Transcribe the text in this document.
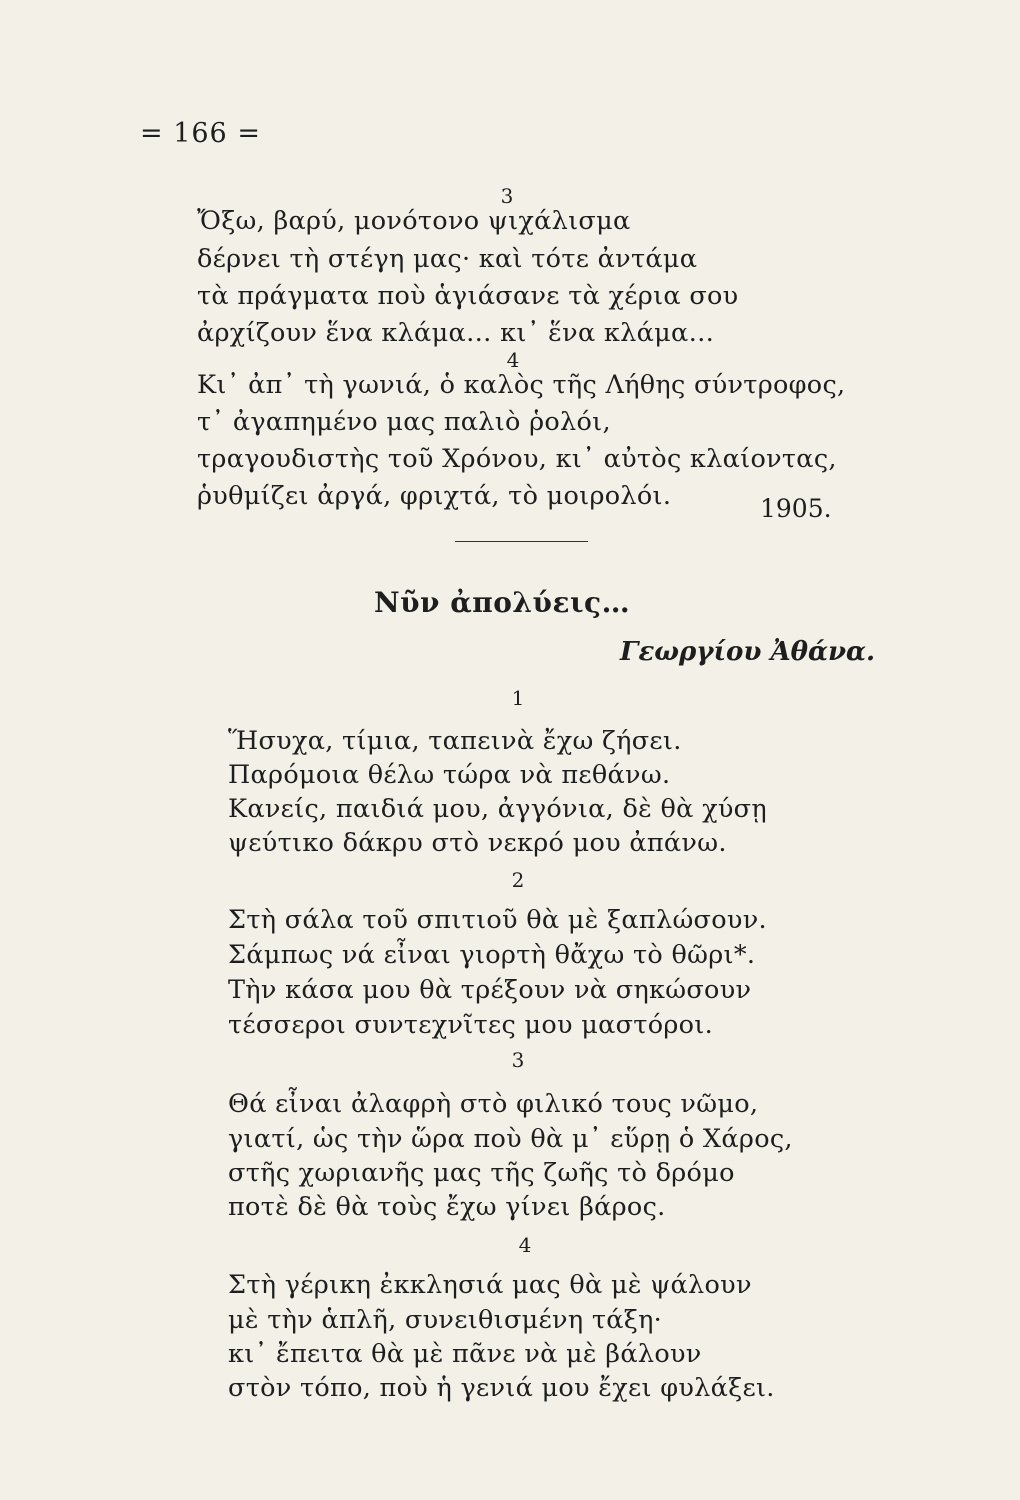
= 166 =
3
Ὄξω, βαρύ, μονότονο ψιχάλισμα
δέρνει τὴ στέγη μας· καὶ τότε ἀντάμα
τὰ πράγματα ποὺ ἁγιάσανε τὰ χέρια σου
ἀρχίζουν ἕνα κλάμα… κι᾽ ἕνα κλάμα…
4
Κι᾽ ἀπ᾽ τὴ γωνιά, ὁ καλὸς τῆς Λήθης σύντροφος,
τ᾽ ἀγαπημένο μας παλιὸ ῥολόι,
τραγουδιστὴς τοῦ Χρόνου, κι᾽ αὐτὸς κλαίοντας,
ῥυθμίζει ἀργά, φριχτά, τὸ μοιρολόι.	1905.
Νῦν ἀπολύεις…
Γεωργίου Ἀθάνα.
1
Ἥσυχα, τίμια, ταπεινὰ ἔχω ζήσει.
Παρόμοια θέλω τώρα νὰ πεθάνω.
Κανείς, παιδιά μου, ἀγγόνια, δὲ θὰ χύσῃ
ψεύτικο δάκρυ στὸ νεκρό μου ἀπάνω.
2
Στὴ σάλα τοῦ σπιτιοῦ θὰ μὲ ξαπλώσουν.
Σάμπως νά εἶναι γιορτὴ θἄχω τὸ θῶρι*.
Τὴν κάσα μου θὰ τρέξουν νὰ σηκώσουν
τέσσεροι συντεχνῖτες μου μαστόροι.
3
Θά εἶναι ἀλαφρὴ στὸ φιλικό τους νῶμο,
γιατί, ὡς τὴν ὥρα ποὺ θὰ μ᾽ εὕρῃ ὁ Χάρος,
στῆς χωριανῆς μας τῆς ζωῆς τὸ δρόμο
ποτὲ δὲ θὰ τοὺς ἔχω γίνει βάρος.
4
Στὴ γέρικη ἐκκλησιά μας θὰ μὲ ψάλουν
μὲ τὴν ἁπλῆ, συνειθισμένη τάξη·
κι᾽ ἔπειτα θὰ μὲ πᾶνε νὰ μὲ βάλουν
στὸν τόπο, ποὺ ἡ γενιά μου ἔχει φυλάξει.
